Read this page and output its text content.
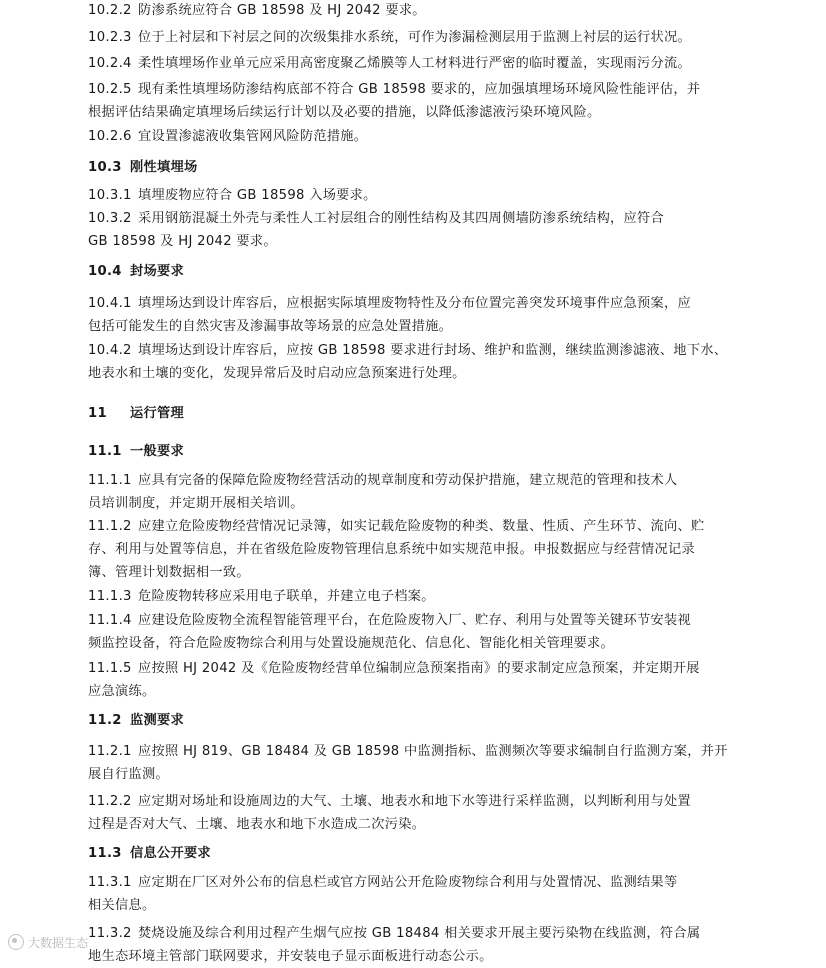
10.2.2 防渗系统应符合 GB 18598 及 HJ 2042 要求。
10.2.3 位于上衬层和下衬层之间的次级集排水系统，可作为渗漏检测层用于监测上衬层的运行状况。
10.2.4 柔性填埋场作业单元应采用高密度聚乙烯膜等人工材料进行严密的临时覆盖，实现雨污分流。
10.2.5 现有柔性填埋场防渗结构底部不符合 GB 18598 要求的，应加强填埋场环境风险性能评估，并
根据评估结果确定填埋场后续运行计划以及必要的措施，以降低渗滤液污染环境风险。
10.2.6 宜设置渗滤液收集管网风险防范措施。
10.3 刚性填埋场
10.3.1 填埋废物应符合 GB 18598 入场要求。
10.3.2 采用钢筋混凝土外壳与柔性人工衬层组合的刚性结构及其四周侧墙防渗系统结构，应符合
GB 18598 及 HJ 2042 要求。
10.4 封场要求
10.4.1 填埋场达到设计库容后，应根据实际填埋废物特性及分布位置完善突发环境事件应急预案，应
包括可能发生的自然灾害及渗漏事故等场景的应急处置措施。
10.4.2 填埋场达到设计库容后，应按 GB 18598 要求进行封场、维护和监测，继续监测渗滤液、地下水、
地表水和土壤的变化，发现异常后及时启动应急预案进行处理。
11 运行管理
11.1 一般要求
11.1.1 应具有完备的保障危险废物经营活动的规章制度和劳动保护措施，建立规范的管理和技术人
员培训制度，并定期开展相关培训。
11.1.2 应建立危险废物经营情况记录簿，如实记载危险废物的种类、数量、性质、产生环节、流向、贮
存、利用与处置等信息，并在省级危险废物管理信息系统中如实规范申报。申报数据应与经营情况记录
簿、管理计划数据相一致。
11.1.3 危险废物转移应采用电子联单，并建立电子档案。
11.1.4 应建设危险废物全流程智能管理平台，在危险废物入厂、贮存、利用与处置等关键环节安装视
频监控设备，符合危险废物综合利用与处置设施规范化、信息化、智能化相关管理要求。
11.1.5 应按照 HJ 2042 及《危险废物经营单位编制应急预案指南》的要求制定应急预案，并定期开展
应急演练。
11.2 监测要求
11.2.1 应按照 HJ 819、GB 18484 及 GB 18598 中监测指标、监测频次等要求编制自行监测方案，并开
展自行监测。
11.2.2 应定期对场址和设施周边的大气、土壤、地表水和地下水等进行采样监测，以判断利用与处置
过程是否对大气、土壤、地表水和地下水造成二次污染。
11.3 信息公开要求
11.3.1 应定期在厂区对外公布的信息栏或官方网站公开危险废物综合利用与处置情况、监测结果等
相关信息。
11.3.2 焚烧设施及综合利用过程产生烟气应按 GB 18484 相关要求开展主要污染物在线监测，符合属
地生态环境主管部门联网要求，并安装电子显示面板进行动态公示。
大数据生态
